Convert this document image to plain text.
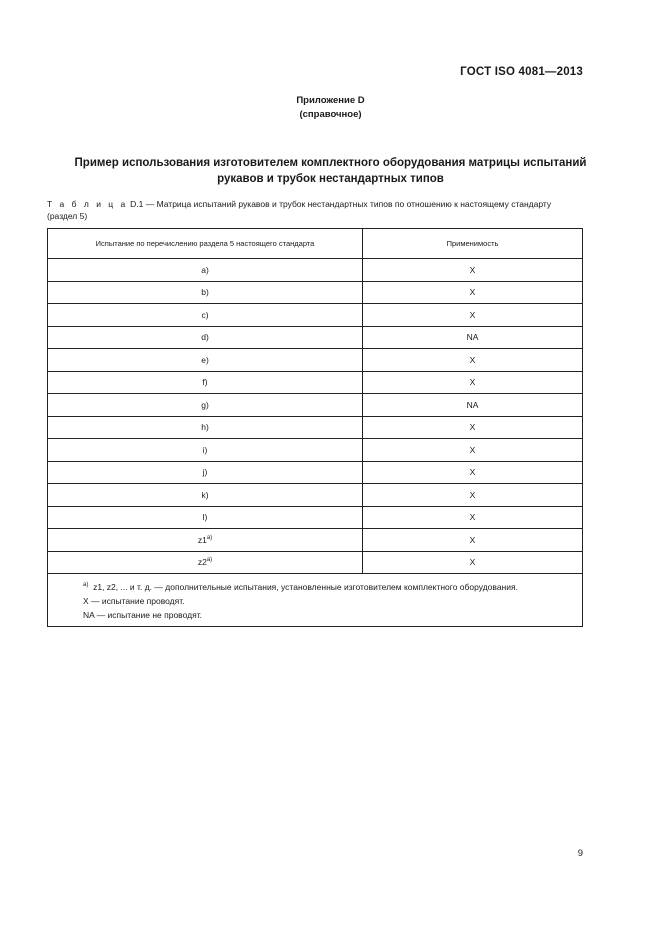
ГОСТ ISO 4081—2013
Приложение D
(справочное)
Пример использования изготовителем комплектного оборудования матрицы испытаний рукавов и трубок нестандартных типов
Т а б л и ц а D.1 — Матрица испытаний рукавов и трубок нестандартных типов по отношению к настоящему стандарту (раздел 5)
Испытание по перечислению раздела 5 настоящего стандарта	Применимость
a)	X
b)	X
c)	X
d)	NA
e)	X
f)	X
g)	NA
h)	X
i)	X
j)	X
k)	X
l)	X
z1$^{a)}$	X
z2$^{a)}$	X

$^{a)}$ z1, z2, ... и т. д. — дополнительные испытания, установленные изготовителем комплектного оборудования.

X — испытание проводят.

NA — испытание не проводят.	

9
